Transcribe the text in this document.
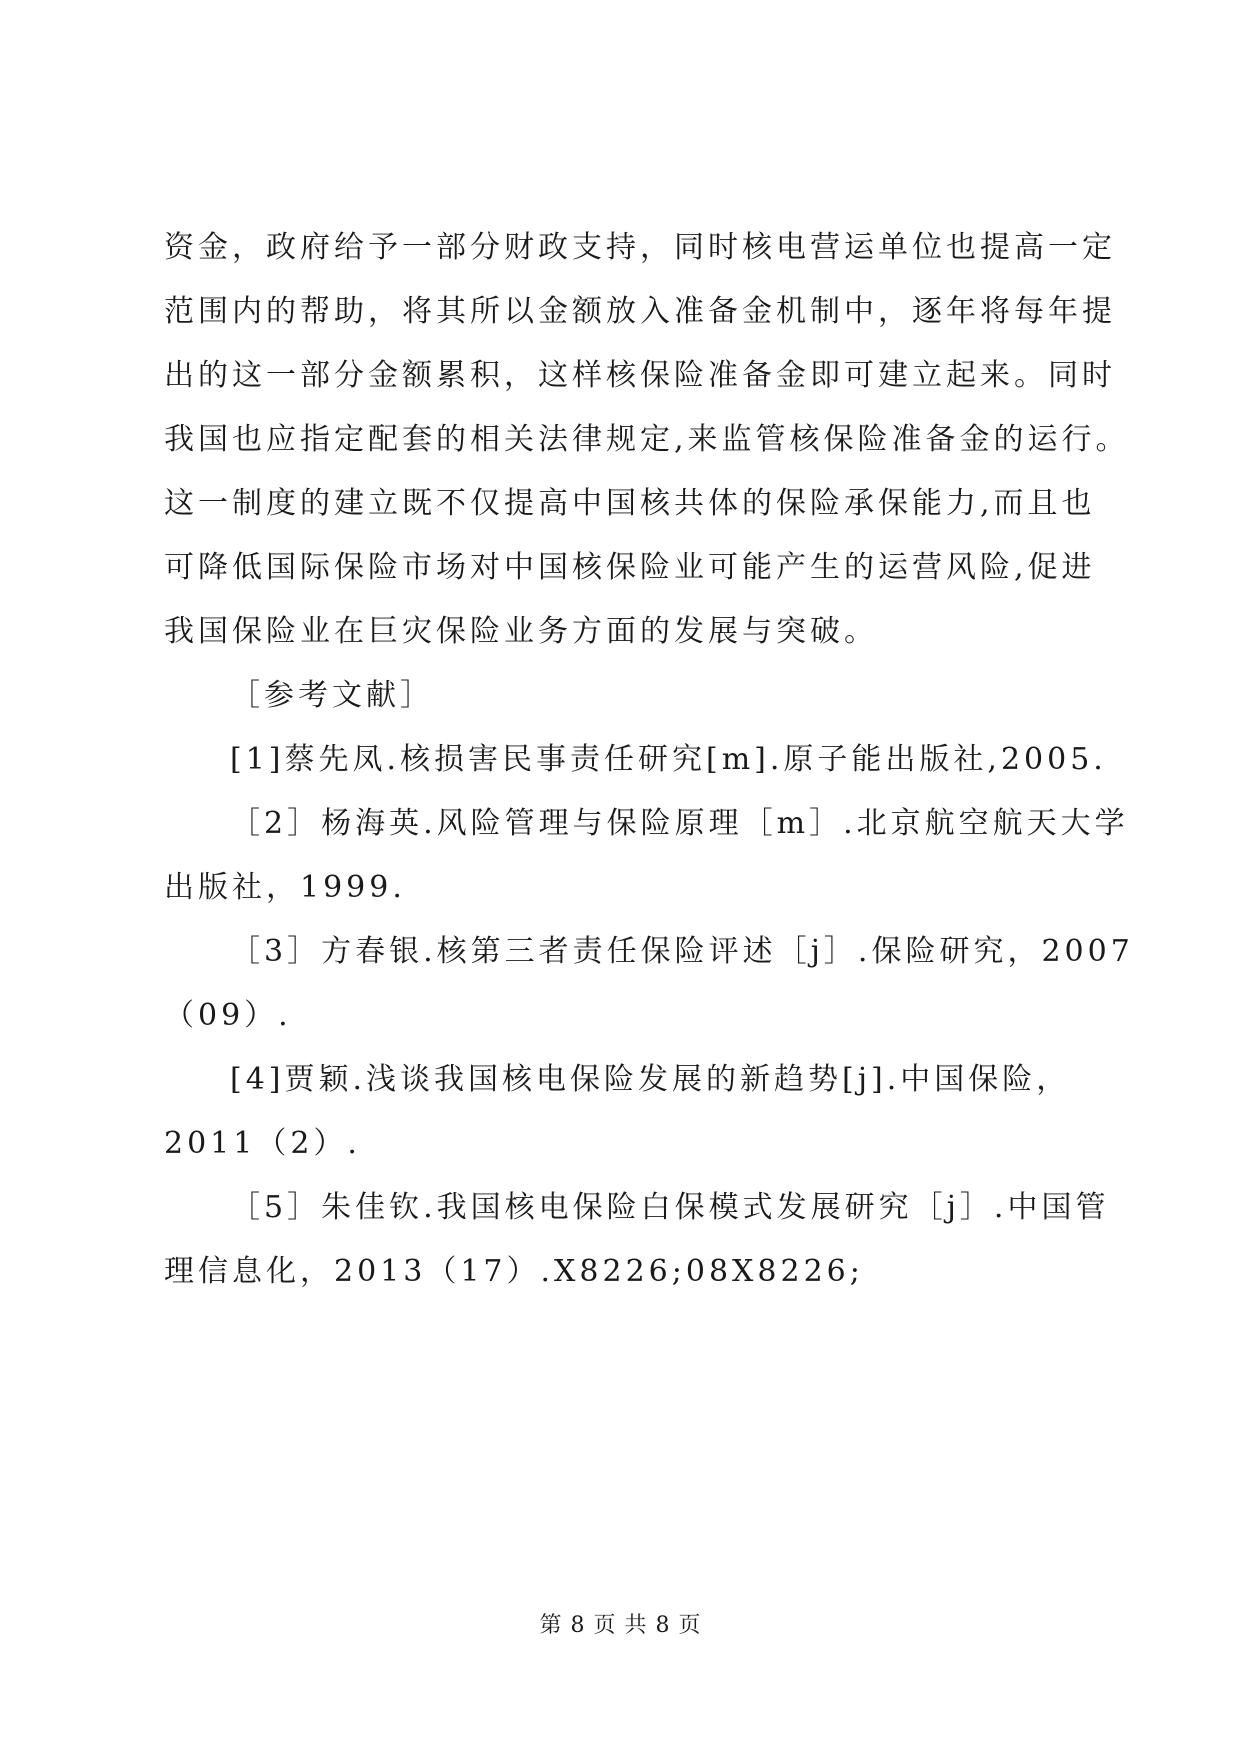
资金，政府给予一部分财政支持，同时核电营运单位也提高一定
范围内的帮助，将其所以金额放入准备金机制中，逐年将每年提
出的这一部分金额累积，这样核保险准备金即可建立起来。同时
我国也应指定配套的相关法律规定,来监管核保险准备金的运行。
这一制度的建立既不仅提高中国核共体的保险承保能力,而且也
可降低国际保险市场对中国核保险业可能产生的运营风险,促进
我国保险业在巨灾保险业务方面的发展与突破。
［参考文献］
[1]蔡先凤.核损害民事责任研究[m].原子能出版社,2005.
［2］杨海英.风险管理与保险原理［m］.北京航空航天大学
出版社，1999.
［3］方春银.核第三者责任保险评述［j］.保险研究，2007
（09）.
[4]贾颖.浅谈我国核电保险发展的新趋势[j].中国保险，
2011（2）.
［5］朱佳钦.我国核电保险白保模式发展研究［j］.中国管
理信息化，2013（17）.X8226;08X8226;
第 8 页 共 8 页
